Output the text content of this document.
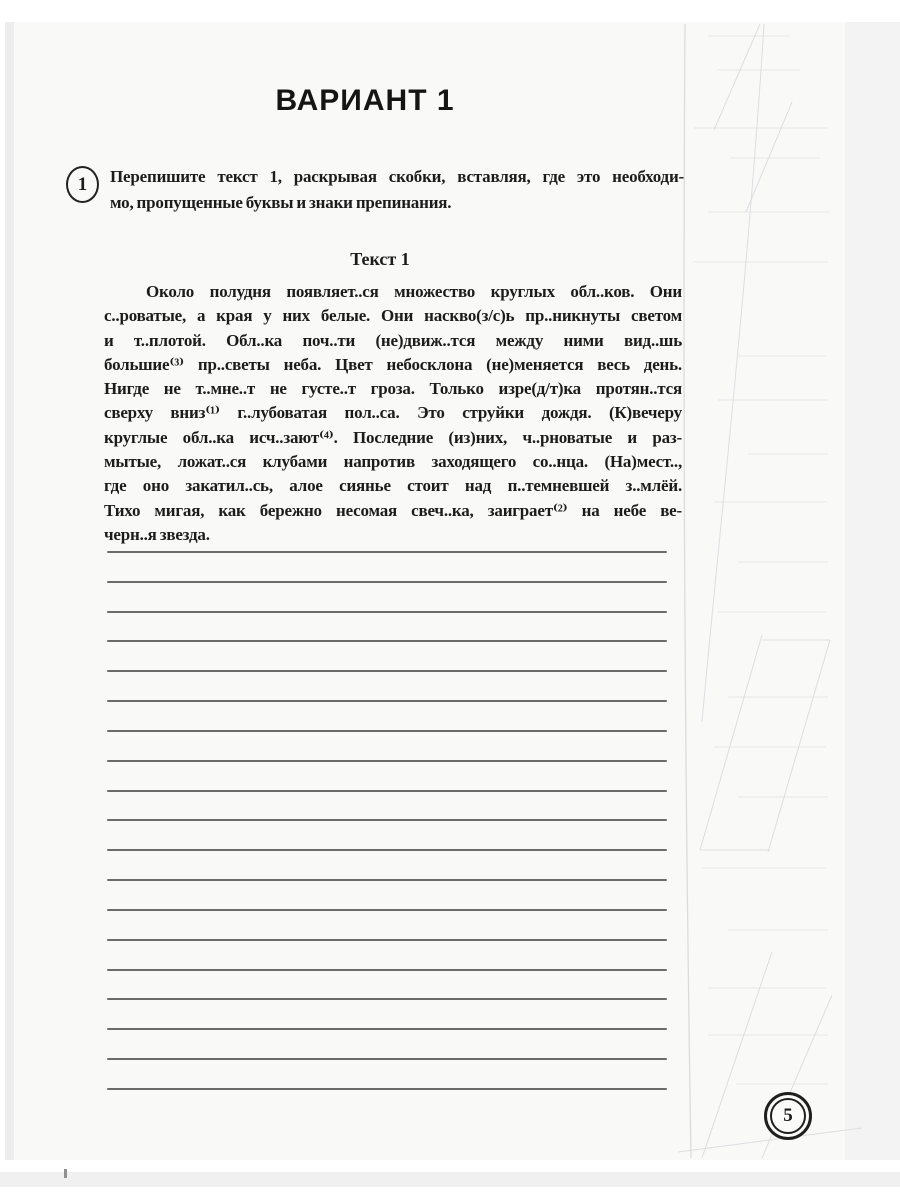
ВАРИАНТ 1
1 Перепишите текст 1, раскрывая скобки, вставляя, где это необходи-
мо, пропущенные буквы и знаки препинания.
Текст 1
Около полудня появляет..ся множество круглых обл..ков. Они
с..роватые, а края у них белые. Они наскво(з/с)ь пр..никнуты светом
и т..плотой. Обл..ка поч..ти (не)движ..тся между ними вид..шь
большие⁽³⁾ пр..светы неба. Цвет небосклона (не)меняется весь день.
Нигде не т..мне..т не густе..т гроза. Только изре(д/т)ка протян..тся
сверху вниз⁽¹⁾ г..лубоватая пол..са. Это струйки дождя. (К)вечеру
круглые обл..ка исч..зают⁽⁴⁾. Последние (из)них, ч..рноватые и раз-
мытые, ложат..ся клубами напротив заходящего со..нца. (На)мест..,
где оно закатил..сь, алое сиянье стоит над п..темневшей з..млёй.
Тихо мигая, как бережно несомая свеч..ка, заиграет⁽²⁾ на небе ве-
черн..я звезда.
5
